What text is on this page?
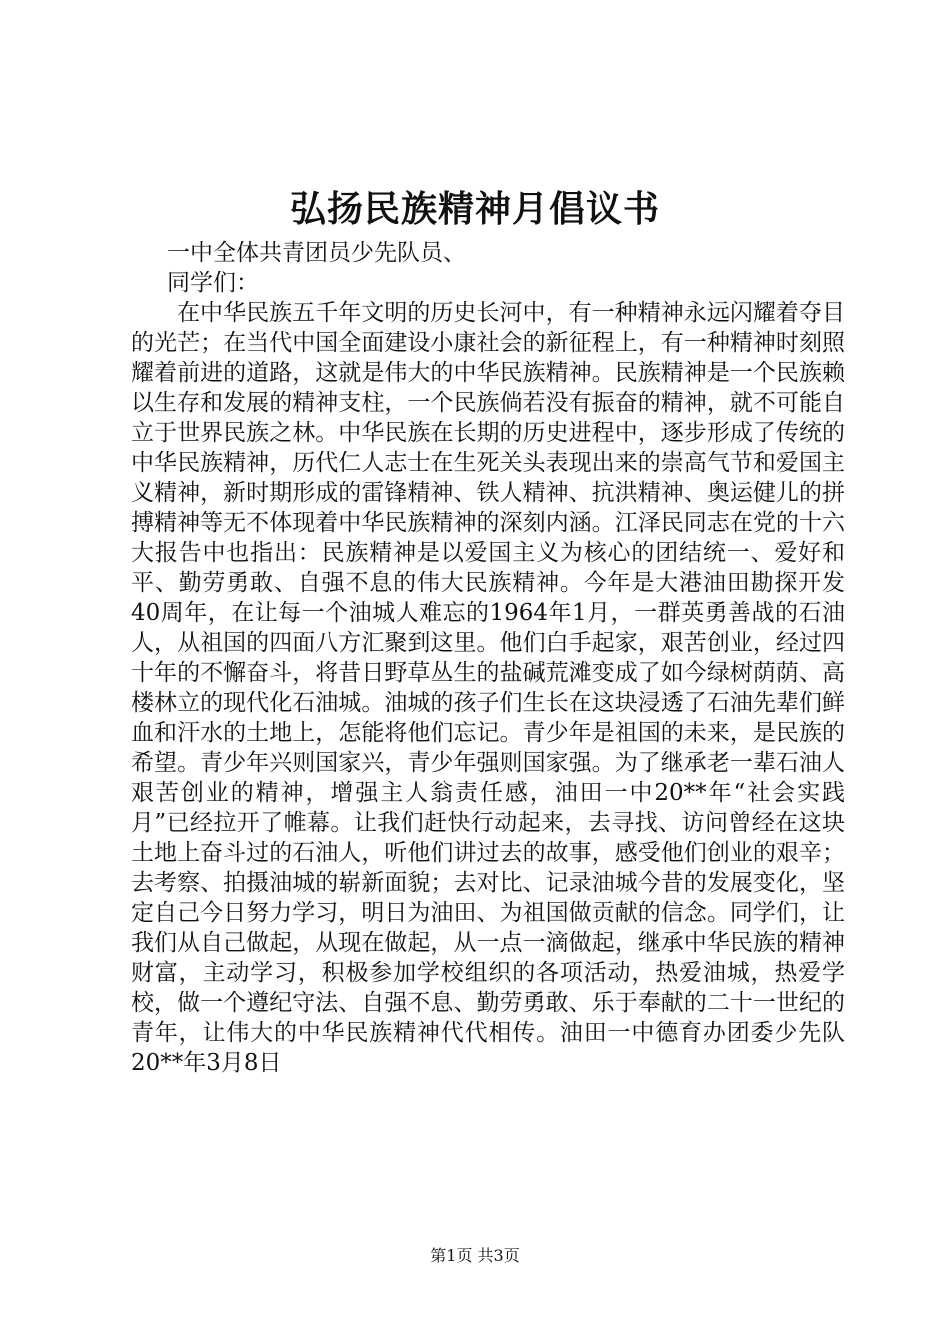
弘扬民族精神月倡议书

一中全体共青团员少先队员、

同学们：

在中华民族五千年文明的历史长河中，有一种精神永远闪耀着夺目的光芒；在当代中国全面建设小康社会的新征程上，有一种精神时刻照耀着前进的道路，这就是伟大的中华民族精神。民族精神是一个民族赖以生存和发展的精神支柱，一个民族倘若没有振奋的精神，就不可能自立于世界民族之林。中华民族在长期的历史进程中，逐步形成了传统的中华民族精神，历代仁人志士在生死关头表现出来的崇高气节和爱国主义精神，新时期形成的雷锋精神、铁人精神、抗洪精神、奥运健儿的拼搏精神等无不体现着中华民族精神的深刻内涵。江泽民同志在党的十六大报告中也指出：民族精神是以爱国主义为核心的团结统一、爱好和平、勤劳勇敢、自强不息的伟大民族精神。今年是大港油田勘探开发40周年，在让每一个油城人难忘的1964年1月，一群英勇善战的石油人，从祖国的四面八方汇聚到这里。他们白手起家，艰苦创业，经过四十年的不懈奋斗，将昔日野草丛生的盐碱荒滩变成了如今绿树荫荫、高楼林立的现代化石油城。油城的孩子们生长在这块浸透了石油先辈们鲜血和汗水的土地上，怎能将他们忘记。青少年是祖国的未来，是民族的希望。青少年兴则国家兴，青少年强则国家强。为了继承老一辈石油人艰苦创业的精神，增强主人翁责任感，油田一中20**年“社会实践月”已经拉开了帷幕。让我们赶快行动起来，去寻找、访问曾经在这块土地上奋斗过的石油人，听他们讲过去的故事，感受他们创业的艰辛；去考察、拍摄油城的崭新面貌；去对比、记录油城今昔的发展变化，坚定自己今日努力学习，明日为油田、为祖国做贡献的信念。同学们，让我们从自己做起，从现在做起，从一点一滴做起，继承中华民族的精神财富，主动学习，积极参加学校组织的各项活动，热爱油城，热爱学校，做一个遵纪守法、自强不息、勤劳勇敢、乐于奉献的二十一世纪的青年，让伟大的中华民族精神代代相传。油田一中德育办团委少先队20**年3月8日

第1页 共3页
